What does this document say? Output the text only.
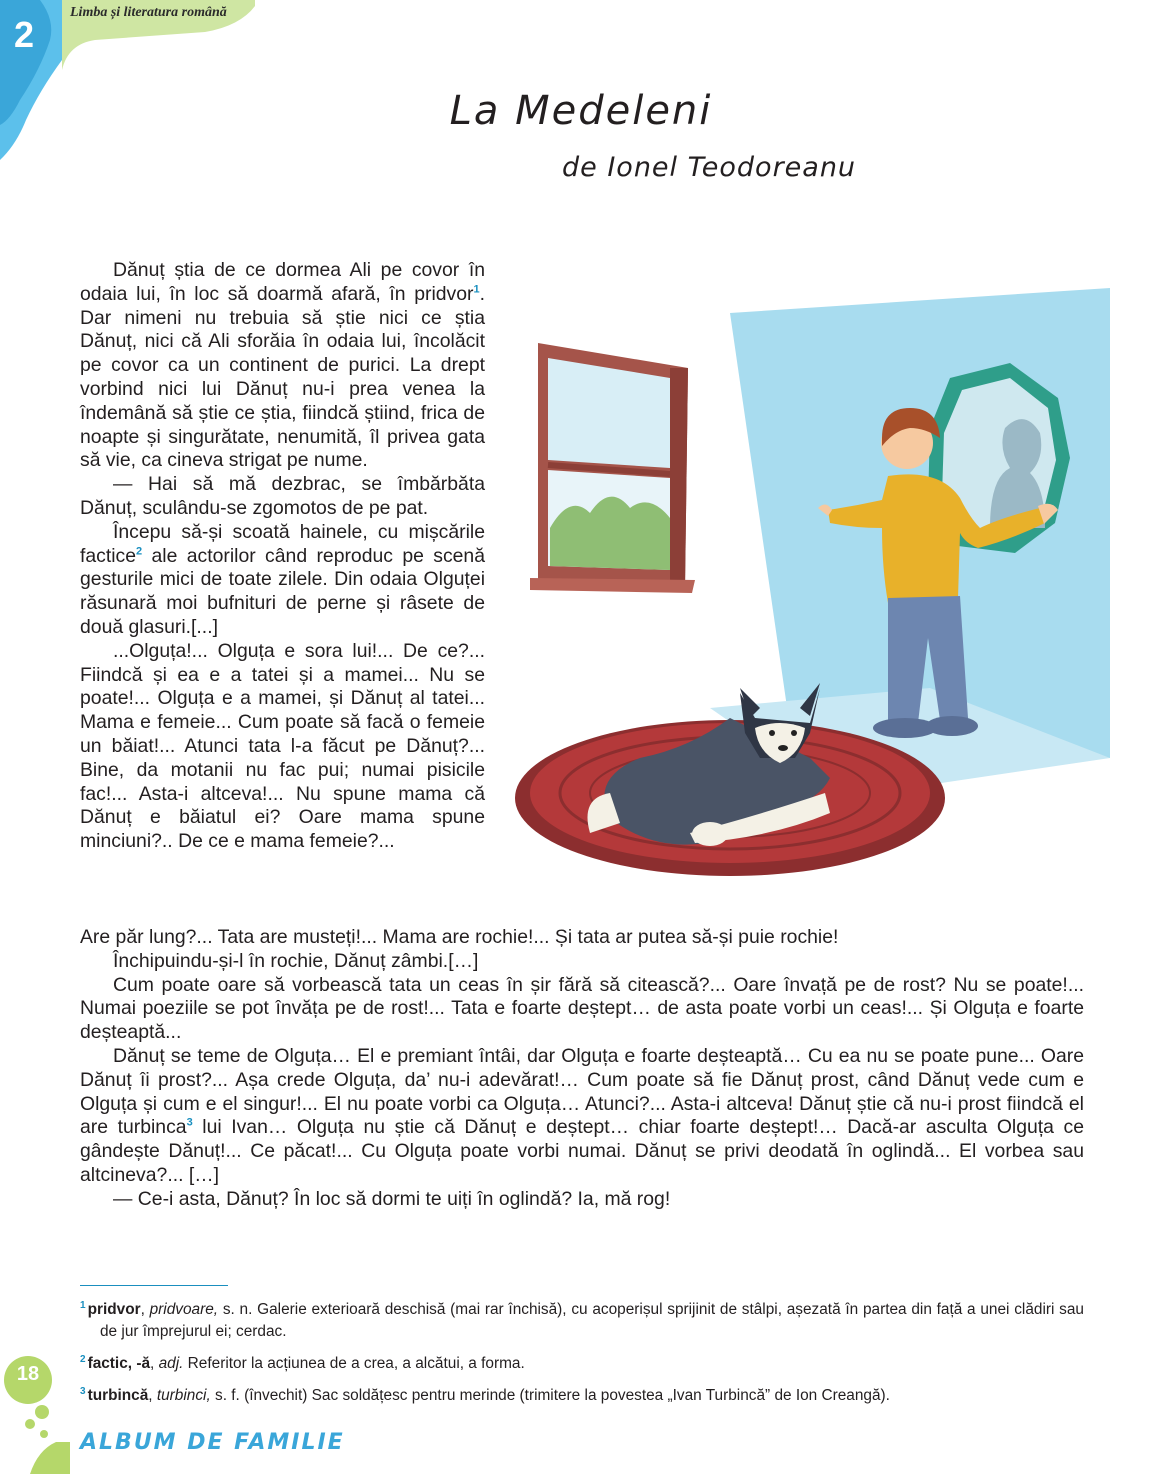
2
Limba și literatura română
La Medeleni
de Ionel Teodoreanu

Dănuț știa de ce dormea Ali pe covor în odaia lui, în loc să doarmă afară, în pridvor$^1$. Dar nimeni nu trebuia să știe nici ce știa Dănuț, nici că Ali sforăia în odaia lui, încolăcit pe covor ca un continent de purici. La drept vorbind nici lui Dănuț nu-i prea venea la îndemână să știe ce știa, fiindcă știind, frica de noapte și singurătate, nenumită, îl privea gata să vie, ca cineva strigat pe nume.

— Hai să mă dezbrac, se îmbărbăta Dănuț, sculându-se zgomotos de pe pat.

Începu să-și scoată hainele, cu mișcările factice$^2$ ale actorilor când reproduc pe scenă gesturile mici de toate zilele. Din odaia Olguței răsunară moi bufnituri de perne și râsete de două glasuri.[...]

...Olguța!... Olguța e sora lui!... De ce?... Fiindcă și ea e a tatei și a mamei... Nu se poate!... Olguța e a mamei, și Dănuț al tatei... Mama e femeie... Cum poate să facă o femeie un băiat!... Atunci tata l-a făcut pe Dănuț?... Bine, da motanii nu fac pui; numai pisicile fac!... Asta-i altceva!... Nu spune mama că Dănuț e băiatul ei? Oare mama spune minciuni?.. De ce e mama femeie?...

Are păr lung?... Tata are musteți!... Mama are rochie!... Și tata ar putea să-și puie rochie!

Închipuindu-și-l în rochie, Dănuț zâmbi.[…]

Cum poate oare să vorbească tata un ceas în șir fără să citească?... Oare învață pe de rost? Nu se poate!... Numai poeziile se pot învăța pe de rost!... Tata e foarte deștept… de asta poate vorbi un ceas!... Și Olguța e foarte deșteaptă...

Dănuț se teme de Olguța… El e premiant întâi, dar Olguța e foarte deșteaptă… Cu ea nu se poate pune... Oare Dănuț îi prost?... Așa crede Olguța, da’ nu-i adevărat!… Cum poate să fie Dănuț prost, când Dănuț vede cum e Olguța și cum e el singur!... El nu poate vorbi ca Olguța… Atunci?... Asta-i altceva! Dănuț știe că nu-i prost fiindcă el are turbinca$^3$ lui Ivan… Olguța nu știe că Dănuț e deștept… chiar foarte deștept!… Dacă-ar asculta Olguța ce gândește Dănuț!... Ce păcat!... Cu Olguța poate vorbi numai. Dănuț se privi deodată în oglindă... El vorbea sau altcineva?... […]

— Ce-i asta, Dănuț? În loc să dormi te uiți în oglindă? Ia, mă rog!

$^1$ pridvor, pridvoare, s. n. Galerie exterioară deschisă (mai rar închisă), cu acoperișul sprijinit de stâlpi, așezată în partea din față a unei clădiri sau de jur împrejurul ei; cerdac.
$^2$ factic, -ă, adj. Referitor la acțiunea de a crea, a alcătui, a forma.
$^3$ turbincă, turbinci, s. f. (învechit) Sac soldățesc pentru merinde (trimitere la povestea „Ivan Turbincă” de Ion Creangă).
18
ALBUM DE FAMILIE
